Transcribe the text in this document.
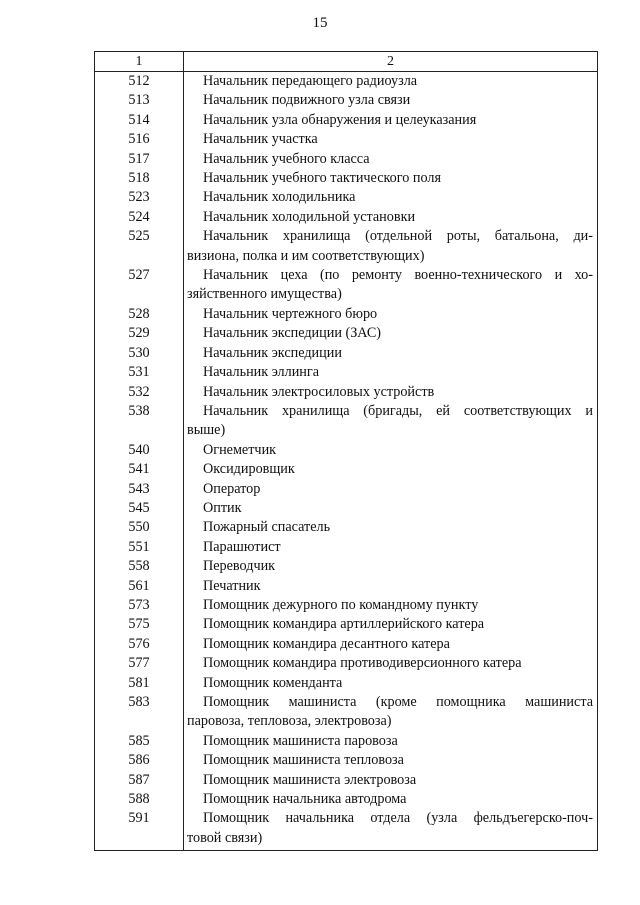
15
1	2
512	Начальник передающего радиоузла
513	Начальник подвижного узла связи
514	Начальник узла обнаружения и целеуказания
516	Начальник участка
517	Начальник учебного класса
518	Начальник учебного тактического поля
523	Начальник холодильника
524	Начальник холодильной установки
525	Начальник хранилища (отдельной роты, батальона, ди-
визиона, полка и им соответствующих)
527	Начальник цеха (по ремонту военно-технического и хо-
зяйственного имущества)
528	Начальник чертежного бюро
529	Начальник экспедиции (ЗАС)
530	Начальник экспедиции
531	Начальник эллинга
532	Начальник электросиловых устройств
538	Начальник хранилища (бригады, ей соответствующих и
выше)
540	Огнеметчик
541	Оксидировщик
543	Оператор
545	Оптик
550	Пожарный спасатель
551	Парашютист
558	Переводчик
561	Печатник
573	Помощник дежурного по командному пункту
575	Помощник командира артиллерийского катера
576	Помощник командира десантного катера
577	Помощник командира противодиверсионного катера
581	Помощник коменданта
583	Помощник машиниста (кроме помощника машиниста
паровоза, тепловоза, электровоза)
585	Помощник машиниста паровоза
586	Помощник машиниста тепловоза
587	Помощник машиниста электровоза
588	Помощник начальника автодрома
591	Помощник начальника отдела (узла фельдъегерско-поч-
товой связи)
